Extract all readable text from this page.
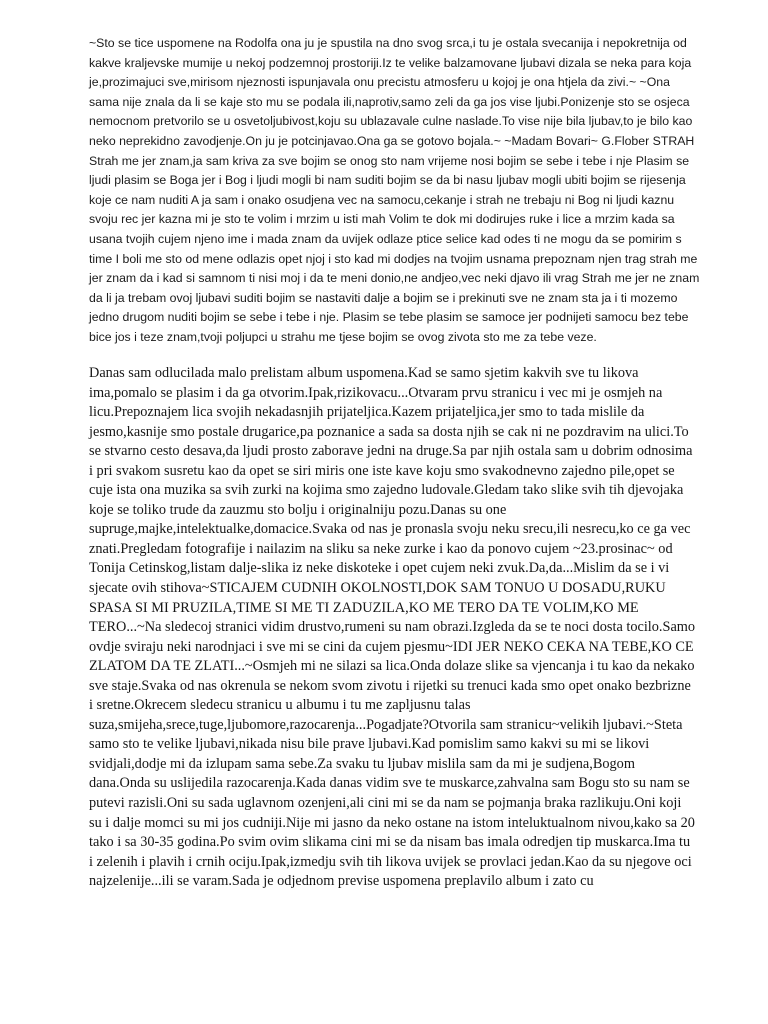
~Sto se tice uspomene na Rodolfa ona ju je spustila na dno svog srca,i tu je ostala svecanija i nepokretnija od kakve kraljevske mumije u nekoj podzemnoj prostoriji.Iz te velike balzamovane ljubavi dizala se neka para koja je,prozimajuci sve,mirisom njeznosti ispunjavala onu precistu atmosferu u kojoj je ona htjela da zivi.~ ~Ona sama nije znala da li se kaje sto mu se podala ili,naprotiv,samo zeli da ga jos vise ljubi.Ponizenje sto se osjeca nemocnom pretvorilo se u osvetoljubivost,koju su ublazavale culne naslade.To vise nije bila ljubav,to je bilo kao neko neprekidno zavodjenje.On ju je potcinjavao.Ona ga se gotovo bojala.~ ~Madam Bovari~ G.Flober STRAH Strah me jer znam,ja sam kriva za sve bojim se onog sto nam vrijeme nosi bojim se sebe i tebe i nje Plasim se ljudi plasim se Boga jer i Bog i ljudi mogli bi nam suditi bojim se da bi nasu ljubav mogli ubiti bojim se rijesenja koje ce nam nuditi A ja sam i onako osudjena vec na samocu,cekanje i strah ne trebaju ni Bog ni ljudi kaznu svoju rec jer kazna mi je sto te volim i mrzim u isti mah Volim te dok mi dodirujes ruke i lice a mrzim kada sa usana tvojih cujem njeno ime i mada znam da uvijek odlaze ptice selice kad odes ti ne mogu da se pomirim s time I boli me sto od mene odlazis opet njoj i sto kad mi dodjes na tvojim usnama prepoznam njen trag strah me jer znam da i kad si samnom ti nisi moj i da te meni donio,ne andjeo,vec neki djavo ili vrag Strah me jer ne znam da li ja trebam ovoj ljubavi suditi bojim se nastaviti dalje a bojim se i prekinuti sve ne znam sta ja i ti mozemo jedno drugom nuditi bojim se sebe i tebe i nje. Plasim se tebe plasim se samoce jer podnijeti samocu bez tebe bice jos i teze znam,tvoji poljupci u strahu me tjese bojim se ovog zivota sto me za tebe veze.

Danas sam odlucilada malo prelistam album uspomena.Kad se samo sjetim kakvih sve tu likova ima,pomalo se plasim i da ga otvorim.Ipak,rizikovacu...Otvaram prvu stranicu i vec mi je osmjeh na licu.Prepoznajem lica svojih nekadasnjih prijateljica.Kazem prijateljica,jer smo to tada mislile da jesmo,kasnije smo postale drugarice,pa poznanice a sada sa dosta njih se cak ni ne pozdravim na ulici.To se stvarno cesto desava,da ljudi prosto zaborave jedni na druge.Sa par njih ostala sam u dobrim odnosima i pri svakom susretu kao da opet se siri miris one iste kave koju smo svakodnevno zajedno pile,opet se cuje ista ona muzika sa svih zurki na kojima smo zajedno ludovale.Gledam tako slike svih tih djevojaka koje se toliko trude da zauzmu sto bolju i originalniju pozu.Danas su one supruge,majke,intelektualke,domacice.Svaka od nas je pronasla svoju neku srecu,ili nesrecu,ko ce ga vec znati.Pregledam fotografije i nailazim na sliku sa neke zurke i kao da ponovo cujem ~23.prosinac~ od Tonija Cetinskog,listam dalje-slika iz neke diskoteke i opet cujem neki zvuk.Da,da...Mislim da se i vi sjecate ovih stihova~STICAJEM CUDNIH OKOLNOSTI,DOK SAM TONUO U DOSADU,RUKU SPASA SI MI PRUZILA,TIME SI ME TI ZADUZILA,KO ME TERO DA TE VOLIM,KO ME TERO...~Na sledecoj stranici vidim drustvo,rumeni su nam obrazi.Izgleda da se te noci dosta tocilo.Samo ovdje sviraju neki narodnjaci i sve mi se cini da cujem pjesmu~IDI JER NEKO CEKA NA TEBE,KO CE ZLATOM DA TE ZLATI...~Osmjeh mi ne silazi sa lica.Onda dolaze slike sa vjencanja i tu kao da nekako sve staje.Svaka od nas okrenula se nekom svom zivotu i rijetki su trenuci kada smo opet onako bezbrizne i sretne.Okrecem sledecu stranicu u albumu i tu me zapljusnu talas suza,smijeha,srece,tuge,ljubomore,razocarenja...Pogadjate?Otvorila sam stranicu~velikih ljubavi.~Steta samo sto te velike ljubavi,nikada nisu bile prave ljubavi.Kad pomislim samo kakvi su mi se likovi svidjali,dodje mi da izlupam sama sebe.Za svaku tu ljubav mislila sam da mi je sudjena,Bogom dana.Onda su uslijedila razocarenja.Kada danas vidim sve te muskarce,zahvalna sam Bogu sto su nam se putevi razisli.Oni su sada uglavnom ozenjeni,ali cini mi se da nam se pojmanja braka razlikuju.Oni koji su i dalje momci su mi jos cudniji.Nije mi jasno da neko ostane na istom inteluktualnom nivou,kako sa 20 tako i sa 30-35 godina.Po svim ovim slikama cini mi se da nisam bas imala odredjen tip muskarca.Ima tu i zelenih i plavih i crnih ociju.Ipak,izmedju svih tih likova uvijek se provlaci jedan.Kao da su njegove oci najzelenije...ili se varam.Sada je odjednom previse uspomena preplavilo album i zato cu
